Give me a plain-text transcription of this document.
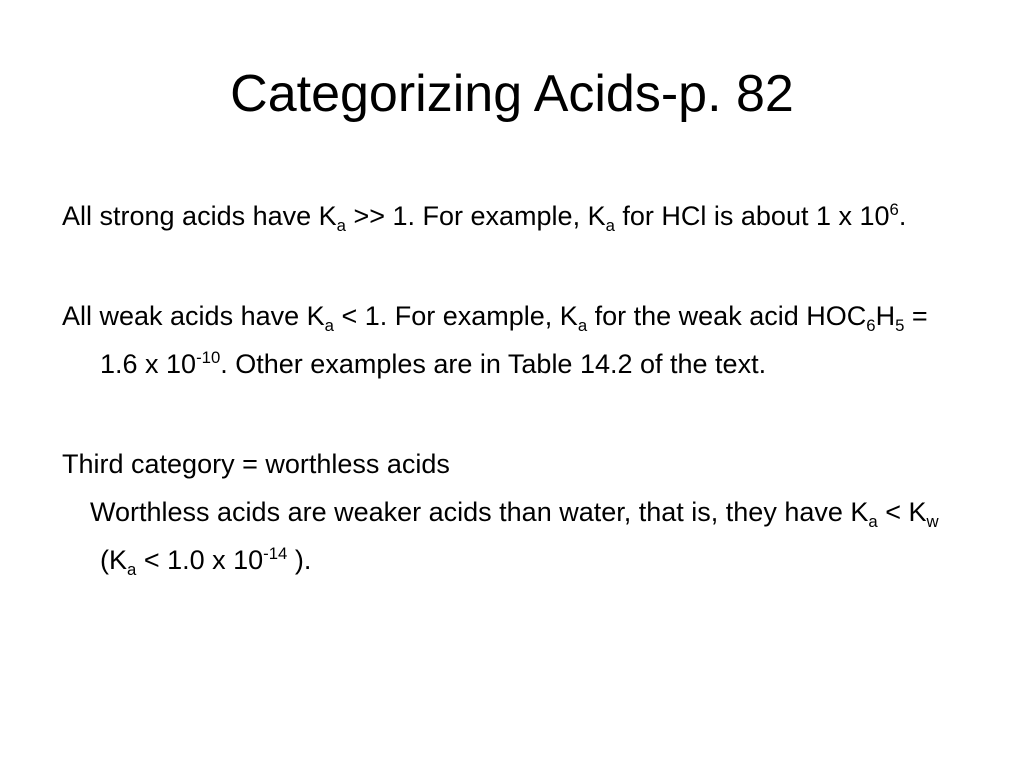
Categorizing Acids-p. 82

All strong acids have $K_a >> 1$. For example, $K_a$ for HCl is about 1 x $10^6$.

All weak acids have $K_a < 1$. For example, $K_a$ for the weak acid $HOC_6H_5 = 1.6$ x $10^{-10}$. Other examples are in Table 14.2 of the text.

Third category = worthless acids

Worthless acids are weaker acids than water, that is, they have $K_a < K_w$ ($K_a < 1.0$ x $10^{-14}$ ).
